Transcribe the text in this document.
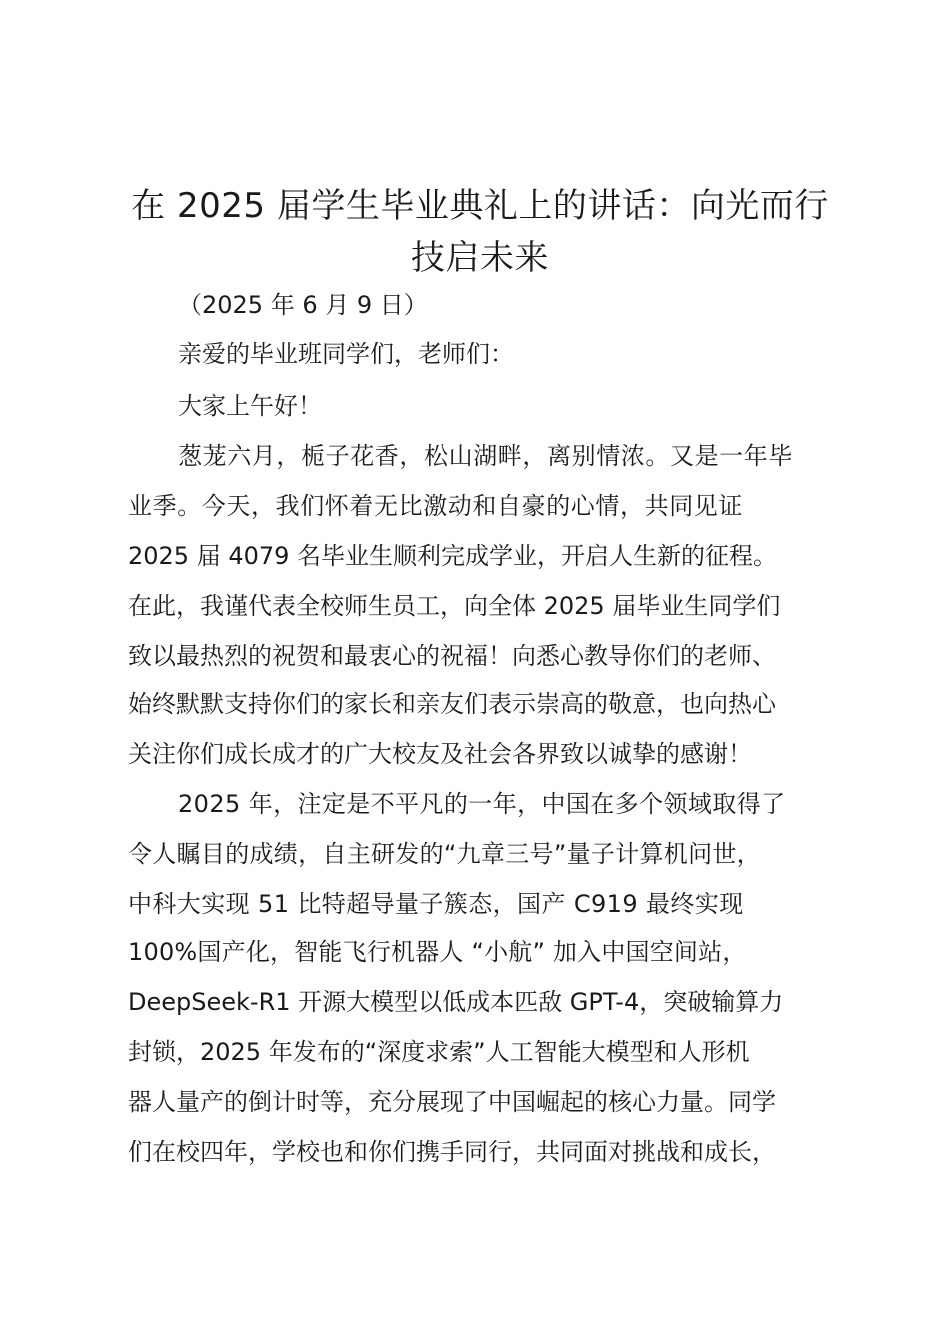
在 2025 届学生毕业典礼上的讲话：向光而行
技启未来

（2025 年 6 月 9 日）

亲爱的毕业班同学们，老师们：

大家上午好！

葱茏六月，栀子花香，松山湖畔，离别情浓。又是一年毕

业季。今天，我们怀着无比激动和自豪的心情，共同见证

2025 届 4079 名毕业生顺利完成学业，开启人生新的征程。

在此，我谨代表全校师生员工，向全体 2025 届毕业生同学们

致以最热烈的祝贺和最衷心的祝福！向悉心教导你们的老师、

始终默默支持你们的家长和亲友们表示崇高的敬意，也向热心

关注你们成长成才的广大校友及社会各界致以诚挚的感谢！

2025 年，注定是不平凡的一年，中国在多个领域取得了

令人瞩目的成绩，自主研发的“九章三号”量子计算机问世，

中科大实现 51 比特超导量子簇态，国产 C919 最终实现

100%国产化，智能飞行机器人 “小航” 加入中国空间站，

DeepSeek-R1 开源大模型以低成本匹敌 GPT-4，突破输算力

封锁，2025 年发布的“深度求索”人工智能大模型和人形机

器人量产的倒计时等，充分展现了中国崛起的核心力量。同学

们在校四年，学校也和你们携手同行，共同面对挑战和成长，
